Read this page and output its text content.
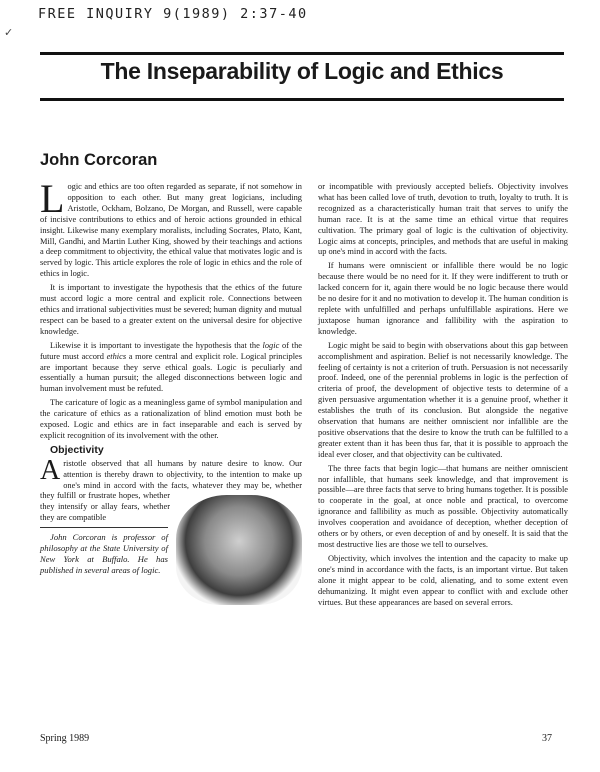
FREE INQUIRY 9(1989) 2:37-40
✓
The Inseparability of Logic and Ethics
John Corcoran

Logic and ethics are too often regarded as separate, if not somehow in opposition to each other. But many great logicians, including Aristotle, Ockham, Bolzano, De Morgan, and Russell, were capable of incisive contributions to ethics and of heroic actions grounded in ethical insight. Likewise many exemplary moralists, including Socrates, Plato, Kant, Mill, Gandhi, and Martin Luther King, showed by their teachings and actions a deep commitment to objectivity, the ethical value that motivates logic and is served by logic. This article explores the role of logic in ethics and the role of ethics in logic.

It is important to investigate the hypothesis that the ethics of the future must accord logic a more central and explicit role. Connections between ethics and irrational subjectivities must be severed; human dignity and mutual respect can be based to a greater extent on the universal desire for objective knowledge.

Likewise it is important to investigate the hypothesis that the logic of the future must accord ethics a more central and explicit role. Logical principles are important because they serve ethical goals. Logic is peculiarly and essentially a human pursuit; the alleged disconnections between logic and human involvement must be refuted.

The caricature of logic as a meaningless game of symbol manipulation and the caricature of ethics as a rationalization of blind emotion must both be exposed. Logic and ethics are in fact inseparable and each is served by explicit recognition of its involvement with the other.

Objectivity

Aristotle observed that all humans by nature desire to know. Our attention is thereby drawn to objectivity, to the intention to make up one's mind in accord with the facts, whatever they may be, whether they fulfill or frustrate hopes, whether they intensify or allay fears, whether they are compatible

John Corcoran is professor of philosophy at the State University of New York at Buffalo. He has published in several areas of logic.

or incompatible with previously accepted beliefs. Objectivity involves what has been called love of truth, devotion to truth, loyalty to truth. It is recognized as a characteristically human trait that serves to unify the human race. It is at the same time an ethical virtue that requires cultivation. The primary goal of logic is the cultivation of objectivity. Logic aims at concepts, principles, and methods that are useful in making up one's mind in accord with the facts.

If humans were omniscient or infallible there would be no logic because there would be no need for it. If they were indifferent to truth or lacked concern for it, again there would be no logic because there would be no desire for it and no motivation to develop it. The human condition is replete with unfulfilled and perhaps unfulfillable aspirations. Here we juxtapose human ignorance and fallibility with the aspiration to knowledge.

Logic might be said to begin with observations about this gap between accomplishment and aspiration. Belief is not necessarily knowledge. The feeling of certainty is not a criterion of truth. Persuasion is not necessarily proof. Indeed, one of the perennial problems in logic is the perfection of criteria of proof, the development of objective tests to determine of a given persuasive argumentation whether it is a genuine proof, whether it establishes the truth of its conclusion. But alongside the negative observation that humans are neither omniscient nor infallible are the positive observations that the desire to know the truth can be fulfilled to a greater extent than it has been thus far, that it is possible to approach the ideal ever closer, and that objectivity can be cultivated.

The three facts that begin logic—that humans are neither omniscient nor infallible, that humans seek knowledge, and that improvement is possible—are three facts that serve to bring humans together. It is possible to cooperate in the goal, at once noble and practical, to overcome ignorance and fallibility as much as possible. Objectivity automatically involves cooperation and avoidance of deception, whether deception of others or by others, or even deception of and by oneself. It is said that the most destructive lies are those we tell to ourselves.

Objectivity, which involves the intention and the capacity to make up one's mind in accordance with the facts, is an important virtue. But taken alone it might appear to be cold, alienating, and to some extent even dehumanizing. It might even appear to conflict with and exclude other virtues. But these appearances are based on several errors.

Spring 1989	37
